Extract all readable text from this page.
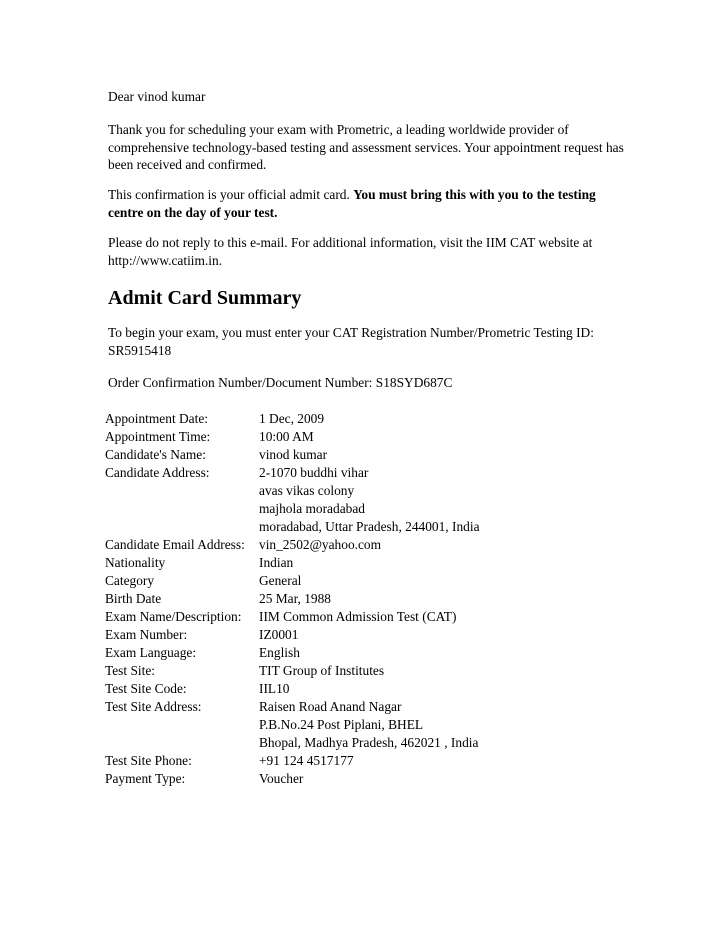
Dear vinod kumar

Thank you for scheduling your exam with Prometric, a leading worldwide provider of comprehensive technology-based testing and assessment services. Your appointment request has been received and confirmed.

This confirmation is your official admit card. You must bring this with you to the testing centre on the day of your test.

Please do not reply to this e-mail. For additional information, visit the IIM CAT website at http://www.catiim.in.

Admit Card Summary

To begin your exam, you must enter your CAT Registration Number/Prometric Testing ID: SR5915418

Order Confirmation Number/Document Number: S18SYD687C

Appointment Date:	1 Dec, 2009
Appointment Time:	10:00 AM
Candidate's Name:	vinod kumar
Candidate Address:	2-1070 buddhi vihar
avas vikas colony
majhola moradabad
moradabad, Uttar Pradesh, 244001, India
Candidate Email Address:	vin_2502@yahoo.com
Nationality	Indian
Category	General
Birth Date	25 Mar, 1988
Exam Name/Description:	IIM Common Admission Test (CAT)
Exam Number:	IZ0001
Exam Language:	English
Test Site:	TIT Group of Institutes
Test Site Code:	IIL10
Test Site Address:	Raisen Road Anand Nagar
P.B.No.24 Post Piplani, BHEL
Bhopal, Madhya Pradesh, 462021 , India
Test Site Phone:	+91 124 4517177
Payment Type:	Voucher
